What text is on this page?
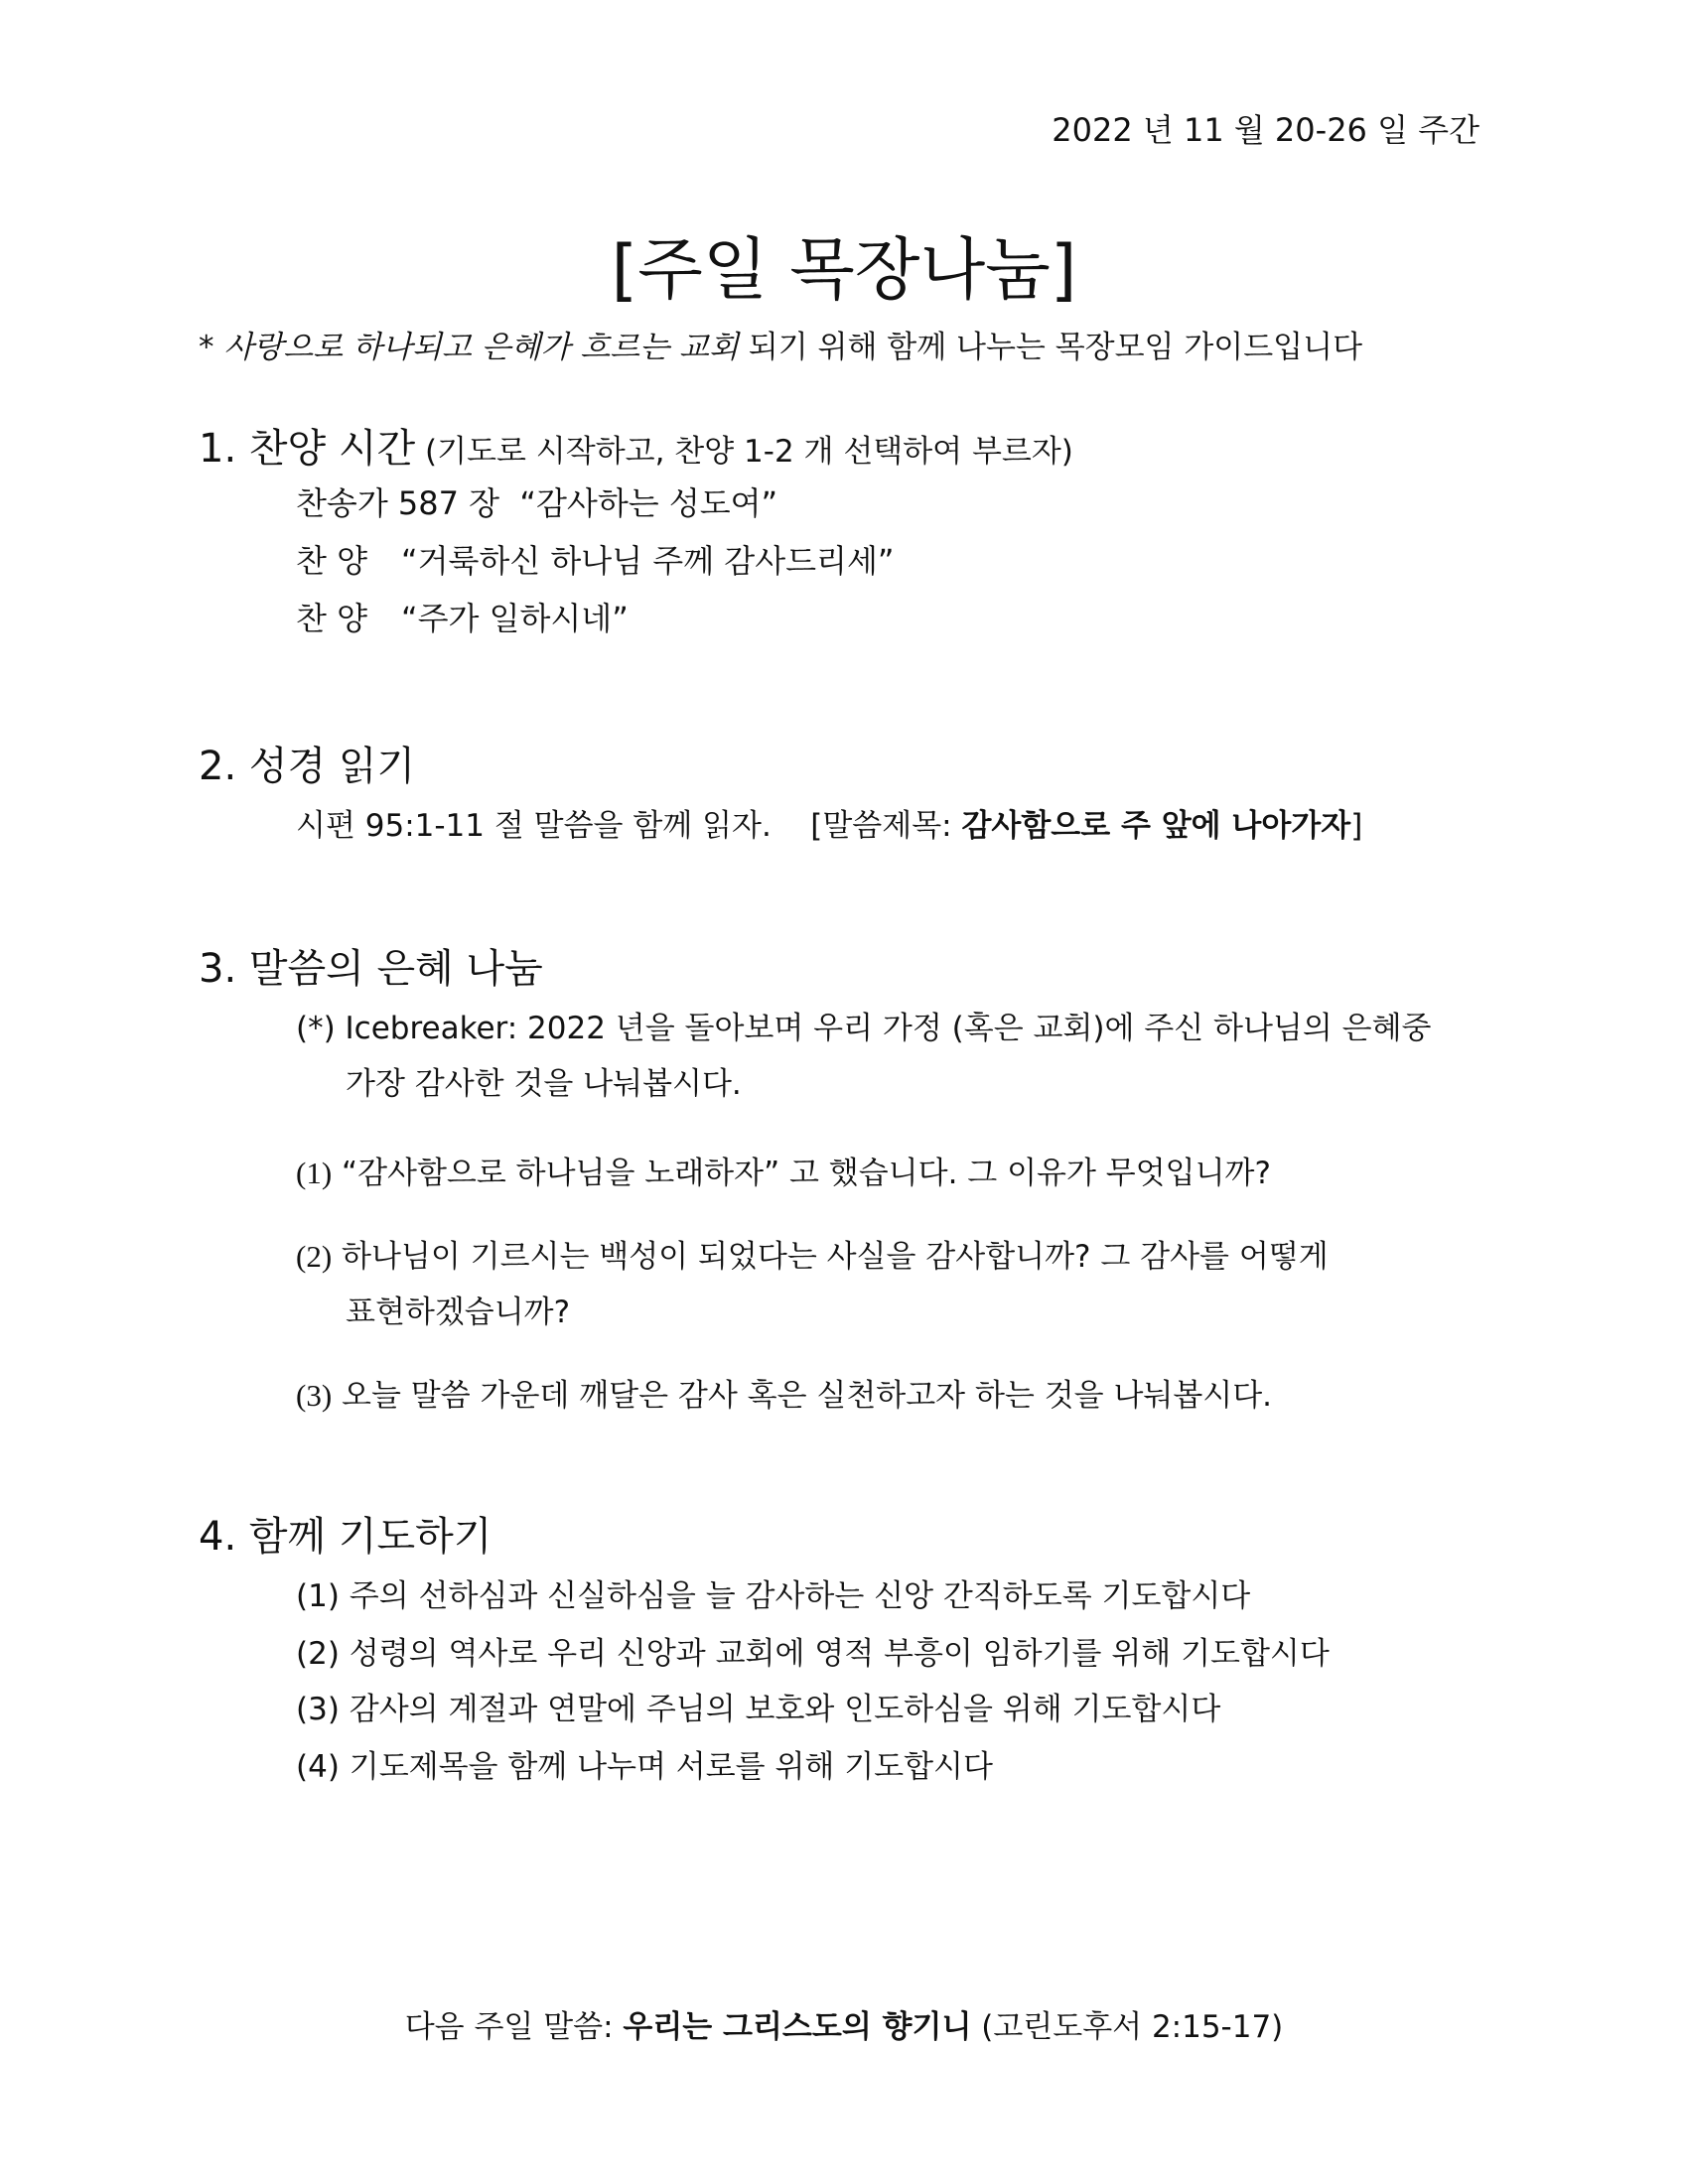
2022 년 11 월 20-26 일 주간
[주일 목장나눔]
* 사랑으로 하나되고 은혜가 흐르는 교회 되기 위해 함께 나누는 목장모임 가이드입니다
1. 찬양 시간 (기도로 시작하고, 찬양 1-2 개 선택하여 부르자)
찬송가 587 장 “감사하는 성도여”
찬 양 “거룩하신 하나님 주께 감사드리세”
찬 양 “주가 일하시네”
2. 성경 읽기
시편 95:1-11 절 말씀을 함께 읽자. [말씀제목: 감사함으로 주 앞에 나아가자]
3. 말씀의 은혜 나눔
(*) Icebreaker: 2022 년을 돌아보며 우리 가정 (혹은 교회)에 주신 하나님의 은혜중
가장 감사한 것을 나눠봅시다.
(1) “감사함으로 하나님을 노래하자” 고 했습니다. 그 이유가 무엇입니까?
(2) 하나님이 기르시는 백성이 되었다는 사실을 감사합니까? 그 감사를 어떻게
표현하겠습니까?
(3) 오늘 말씀 가운데 깨달은 감사 혹은 실천하고자 하는 것을 나눠봅시다.
4. 함께 기도하기
(1) 주의 선하심과 신실하심을 늘 감사하는 신앙 간직하도록 기도합시다
(2) 성령의 역사로 우리 신앙과 교회에 영적 부흥이 임하기를 위해 기도합시다
(3) 감사의 계절과 연말에 주님의 보호와 인도하심을 위해 기도합시다
(4) 기도제목을 함께 나누며 서로를 위해 기도합시다
다음 주일 말씀: 우리는 그리스도의 향기니 (고린도후서 2:15-17)
